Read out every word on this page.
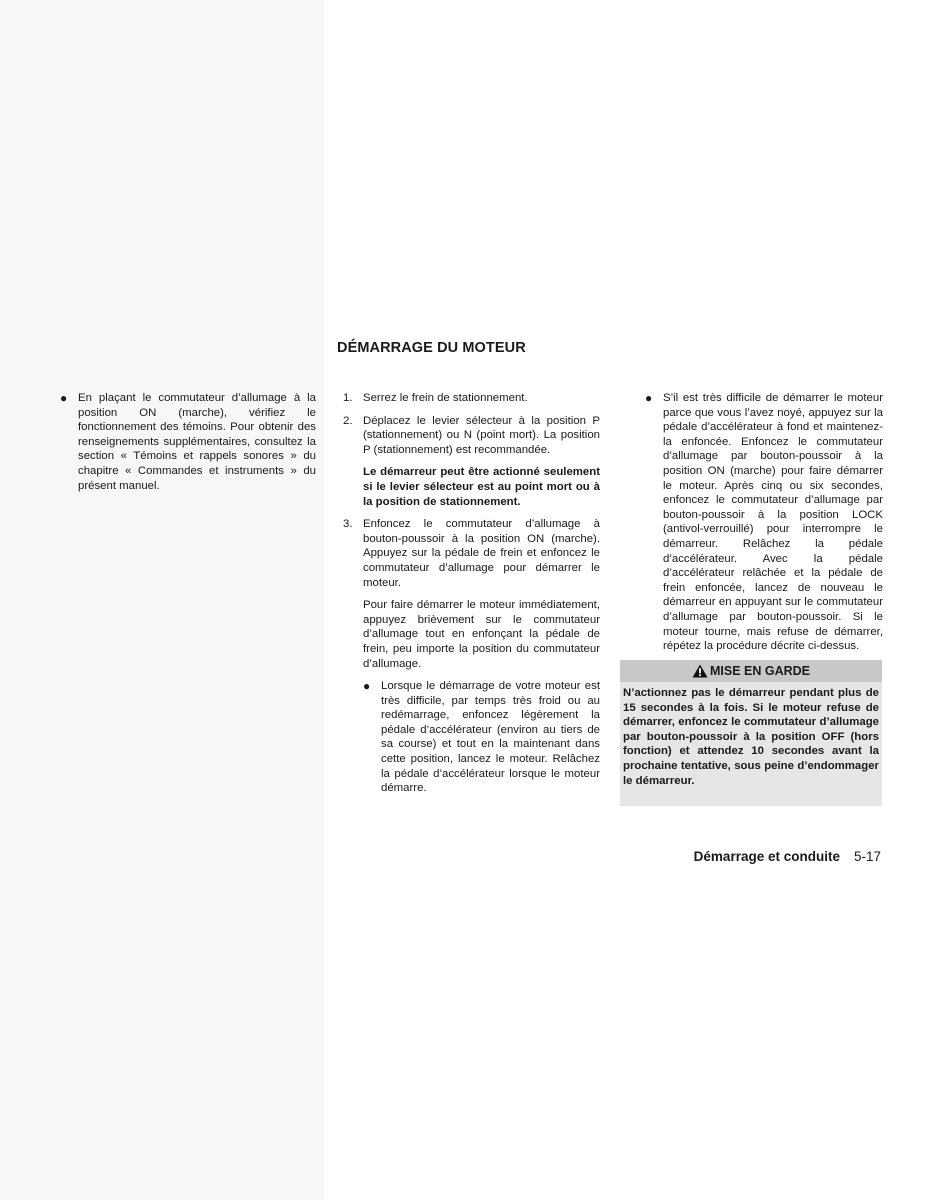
DÉMARRAGE DU MOTEUR
● En plaçant le commutateur d’allumage à la position ON (marche), vérifiez le fonctionnement des témoins. Pour obtenir des renseignements supplémentaires, consultez la section « Témoins et rappels sonores » du chapitre « Commandes et instruments » du présent manuel.
1. Serrez le frein de stationnement.
2. Déplacez le levier sélecteur à la position P (stationnement) ou N (point mort). La position P (stationnement) est recommandée.
Le démarreur peut être actionné seulement si le levier sélecteur est au point mort ou à la position de stationnement.
3. Enfoncez le commutateur d’allumage à bouton-poussoir à la position ON (marche). Appuyez sur la pédale de frein et enfoncez le commutateur d’allumage pour démarrer le moteur.
Pour faire démarrer le moteur immédiatement, appuyez brièvement sur le commutateur d’allumage tout en enfonçant la pédale de frein, peu importe la position du commutateur d’allumage.
● Lorsque le démarrage de votre moteur est très difficile, par temps très froid ou au redémarrage, enfoncez légèrement la pédale d’accélérateur (environ au tiers de sa course) et tout en la maintenant dans cette position, lancez le moteur. Relâchez la pédale d’accélérateur lorsque le moteur démarre.
● S’il est très difficile de démarrer le moteur parce que vous l’avez noyé, appuyez sur la pédale d’accélérateur à fond et maintenez-la enfoncée. Enfoncez le commutateur d’allumage par bouton-poussoir à la position ON (marche) pour faire démarrer le moteur. Après cinq ou six secondes, enfoncez le commutateur d’allumage par bouton-poussoir à la position LOCK (antivol-verrouillé) pour interrompre le démarreur. Relâchez la pédale d’accélérateur. Avec la pédale d’accélérateur relâchée et la pédale de frein enfoncée, lancez de nouveau le démarreur en appuyant sur le commutateur d’allumage par bouton-poussoir. Si le moteur tourne, mais refuse de démarrer, répétez la procédure décrite ci-dessus.
MISE EN GARDE
N’actionnez pas le démarreur pendant plus de 15 secondes à la fois. Si le moteur refuse de démarrer, enfoncez le commutateur d’allumage par bouton-poussoir à la position OFF (hors fonction) et attendez 10 secondes avant la prochaine tentative, sous peine d’endommager le démarreur.
Démarrage et conduite 5-17
